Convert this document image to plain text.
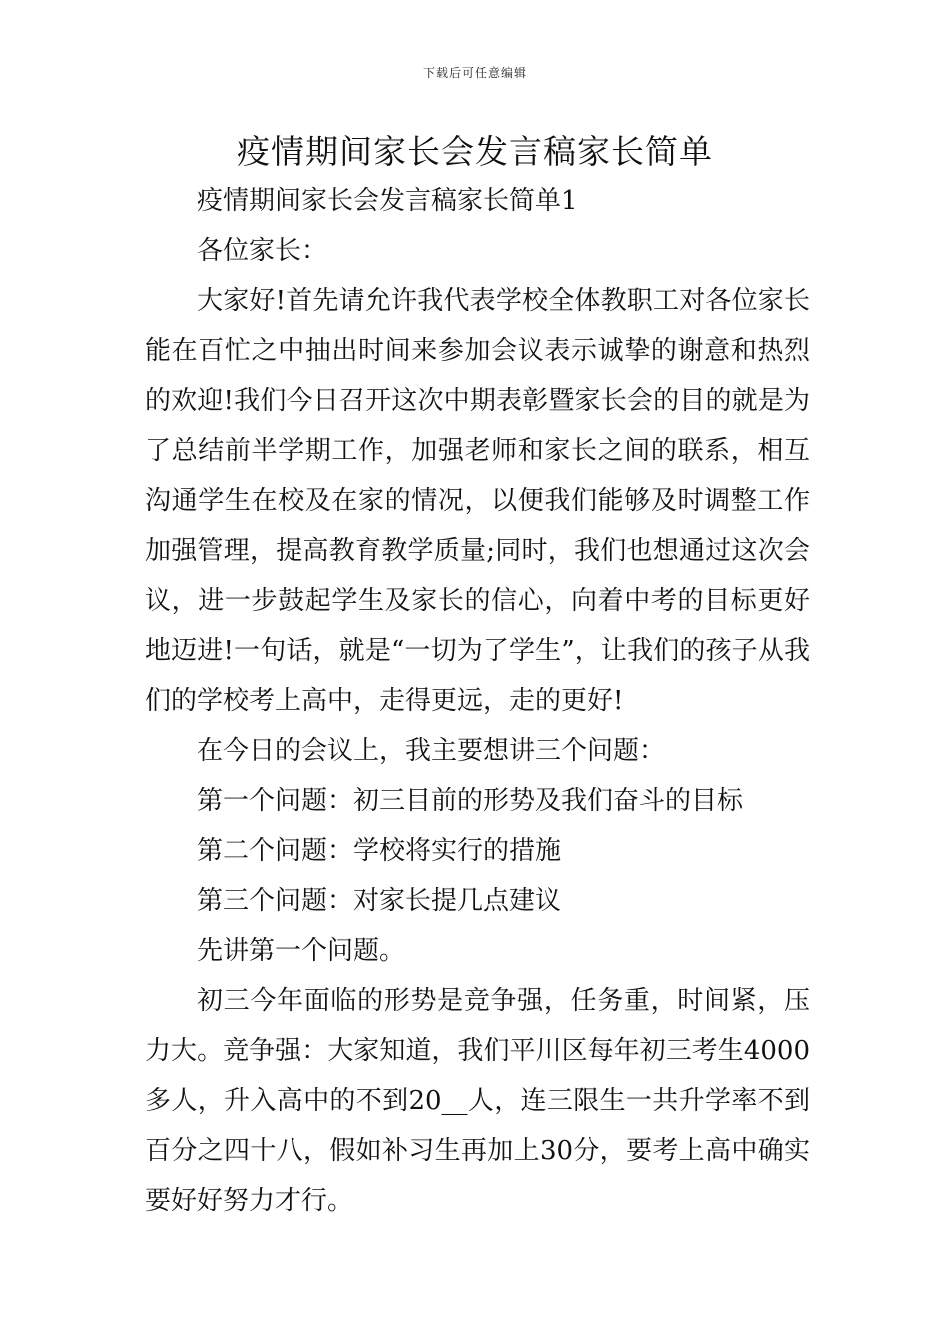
下载后可任意编辑
疫情期间家长会发言稿家长简单

疫情期间家长会发言稿家长简单1

各位家长：

大家好!首先请允许我代表学校全体教职工对各位家长能在百忙之中抽出时间来参加会议表示诚挚的谢意和热烈的欢迎!我们今日召开这次中期表彰暨家长会的目的就是为了总结前半学期工作，加强老师和家长之间的联系，相互沟通学生在校及在家的情况，以便我们能够及时调整工作加强管理，提高教育教学质量;同时，我们也想通过这次会议，进一步鼓起学生及家长的信心，向着中考的目标更好地迈进!一句话，就是“一切为了学生”，让我们的孩子从我们的学校考上高中，走得更远，走的更好!

在今日的会议上，我主要想讲三个问题：

第一个问题：初三目前的形势及我们奋斗的目标

第二个问题：学校将实行的措施

第三个问题：对家长提几点建议

先讲第一个问题。

初三今年面临的形势是竞争强，任务重，时间紧，压力大。竞争强：大家知道，我们平川区每年初三考生4000多人，升入高中的不到20__人，连三限生一共升学率不到百分之四十八，假如补习生再加上30分，要考上高中确实要好好努力才行。
